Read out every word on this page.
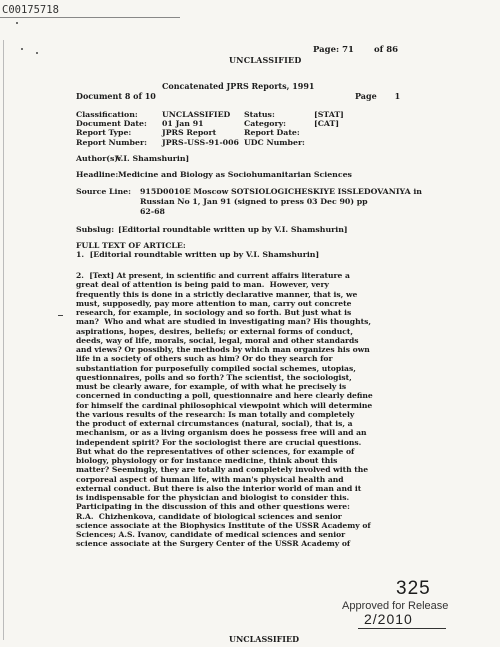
C00175718
Page: 71 of 86
UNCLASSIFIED
Concatenated JPRS Reports, 1991
Document 8 of 10	Page 1
Classification:	UNCLASSIFIED	Status:	[STAT]
Document Date:	01 Jan 91	Category:	[CAT]
Report Type:	JPRS Report	Report Date:	
Report Number:	JPRS-USS-91-006	UDC Number:	
Author(s):V.I. Shamshurin]
Headline:Medicine and Biology as Sociohumanitarian Sciences
Source Line: 915D0010E Moscow SOTSIOLOGICHESKIYE ISSLEDOVANIYA in
Russian No 1, Jan 91 (signed to press 03 Dec 90) pp
62-68
Subslug: [Editorial roundtable written up by V.I. Shamshurin]
FULL TEXT OF ARTICLE:
1.  [Editorial roundtable written up by V.I. Shamshurin]
2.  [Text] At present, in scientific and current affairs literature a
great deal of attention is being paid to man.  However, very
frequently this is done in a strictly declarative manner, that is, we
must, supposedly, pay more attention to man, carry out concrete
research, for example, in sociology and so forth. But just what is
man?  Who and what are studied in investigating man? His thoughts,
aspirations, hopes, desires, beliefs; or external forms of conduct,
deeds, way of life, morals, social, legal, moral and other standards
and views? Or possibly, the methods by which man organizes his own
life in a society of others such as him? Or do they search for
substantiation for purposefully compiled social schemes, utopias,
questionnaires, polls and so forth? The scientist, the sociologist,
must be clearly aware, for example, of with what he precisely is
concerned in conducting a poll, questionnaire and here clearly define
for himself the cardinal philosophical viewpoint which will determine
the various results of the research: Is man totally and completely
the product of external circumstances (natural, social), that is, a
mechanism, or as a living organism does he possess free will and an
independent spirit? For the sociologist there are crucial questions.
But what do the representatives of other sciences, for example of
biology, physiology or for instance medicine, think about this
matter? Seemingly, they are totally and completely involved with the
corporeal aspect of human life, with man's physical health and
external conduct. But there is also the interior world of man and it
is indispensable for the physician and biologist to consider this.
Participating in the discussion of this and other questions were:
R.A.  Chizhenkova, candidate of biological sciences and senior
science associate at the Biophysics Institute of the USSR Academy of
Sciences; A.S. Ivanov, candidate of medical sciences and senior
science associate at the Surgery Center of the USSR Academy of
325
Approved for Release
2/2010
UNCLASSIFIED
